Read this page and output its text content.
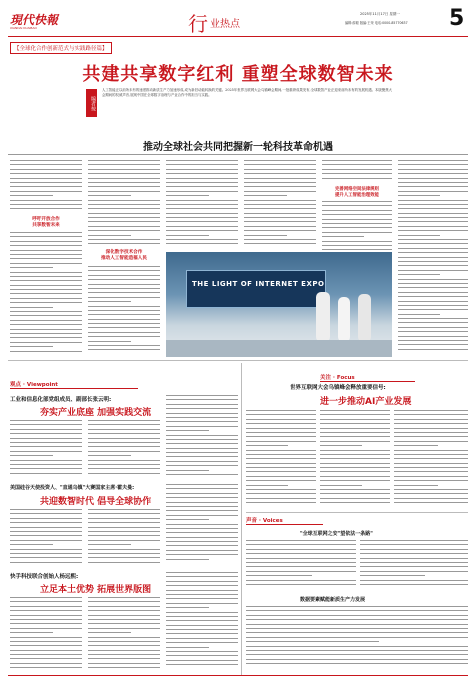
現代快報
XIANDAI KUAIBAO	行 业热点
2025年11月17日 星期一
编辑:薛聪 版编:王荣 电话:0000-85770637 5
【全球化合作创新范式与实践路径篇】
共建共享数字红利 重塑全球数智未来
编者按
人工智能正以前所未有的速度推动新质生产力加速形成,成为新旧动能转换的关键。2025年世界互联网大会乌镇峰会期间,一批重磅成果发布,全球数智产业正迎来前所未有的发展机遇。本版聚焦大会期间的权威声音,展现中国在全球数字治理与产业合作中的担当与实践。
推动全球社会共同把握新一轮科技革命机遇
呼吁开放合作
共享数智未来
深化数字技术合作
推动人工智能造福人民
完善网络空间法律规则
提升人工智能治理效能
THE LIGHT OF INTERNET EXPO
观点 · Viewpoint
工业和信息化部党组成员、副部长张云明:
夯实产业底座 加强实践交流
美国硅谷天使投资人、"直通乌镇"大赛国家主席·霍夫曼:
共迎数智时代 倡导全球协作
快手科技联合创始人杨远熙:
立足本土优势 拓展世界版图
关注 · Focus
世界互联网大会乌镇峰会释放重要信号:
进一步推动AI产业发展
声音 · Voices
"全球互联网之安"望依法一条路"
数据要素赋能新质生产力发展
